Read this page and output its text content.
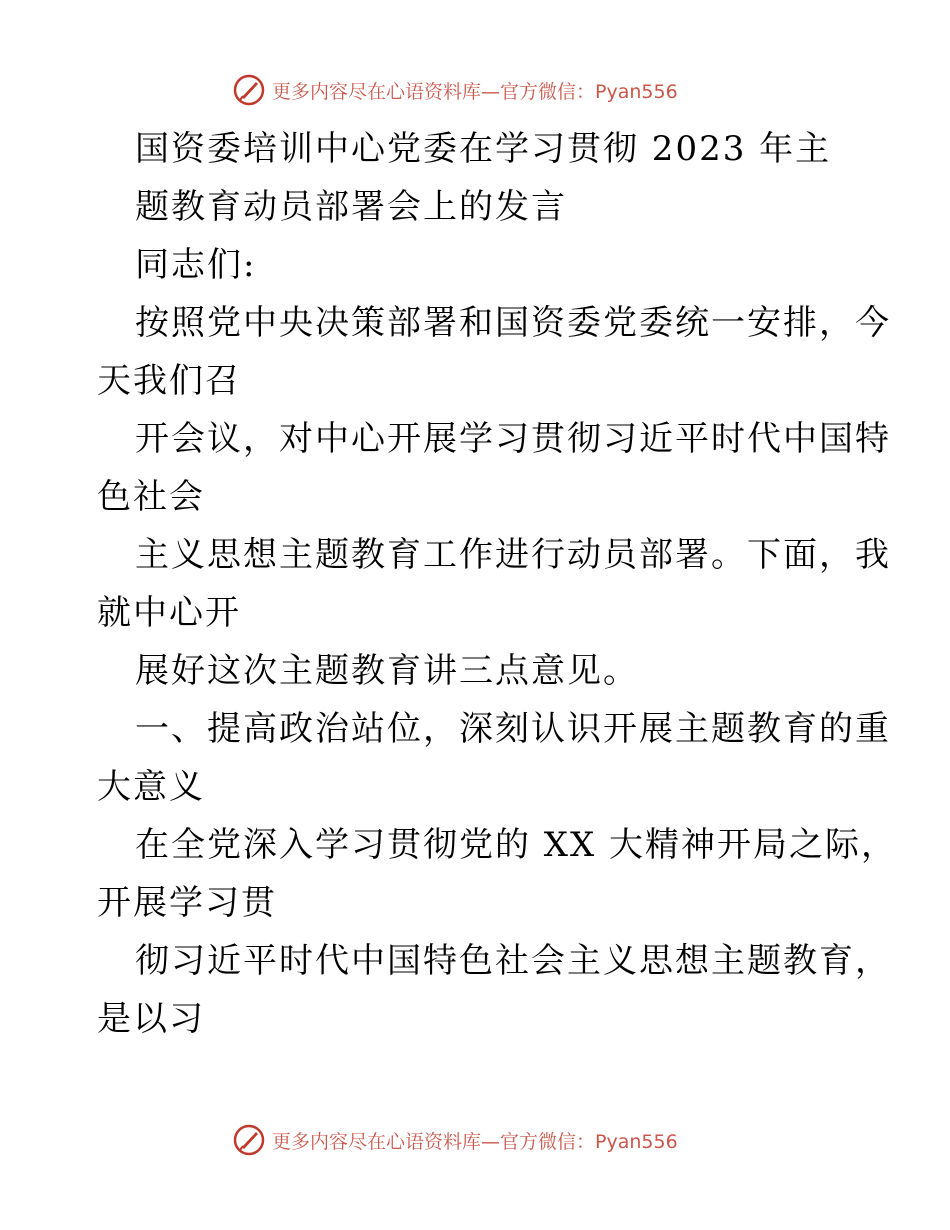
更多内容尽在心语资料库—官方微信：Pyan556
国资委培训中心党委在学习贯彻 2023 年主
题教育动员部署会上的发言
同志们:
按照党中央决策部署和国资委党委统一安排，今
天我们召
开会议，对中心开展学习贯彻习近平时代中国特
色社会
主义思想主题教育工作进行动员部署。下面，我
就中心开
展好这次主题教育讲三点意见。
一、提高政治站位，深刻认识开展主题教育的重
大意义
在全党深入学习贯彻党的 XX 大精神开局之际，
开展学习贯
彻习近平时代中国特色社会主义思想主题教育，
是以习
更多内容尽在心语资料库—官方微信：Pyan556
